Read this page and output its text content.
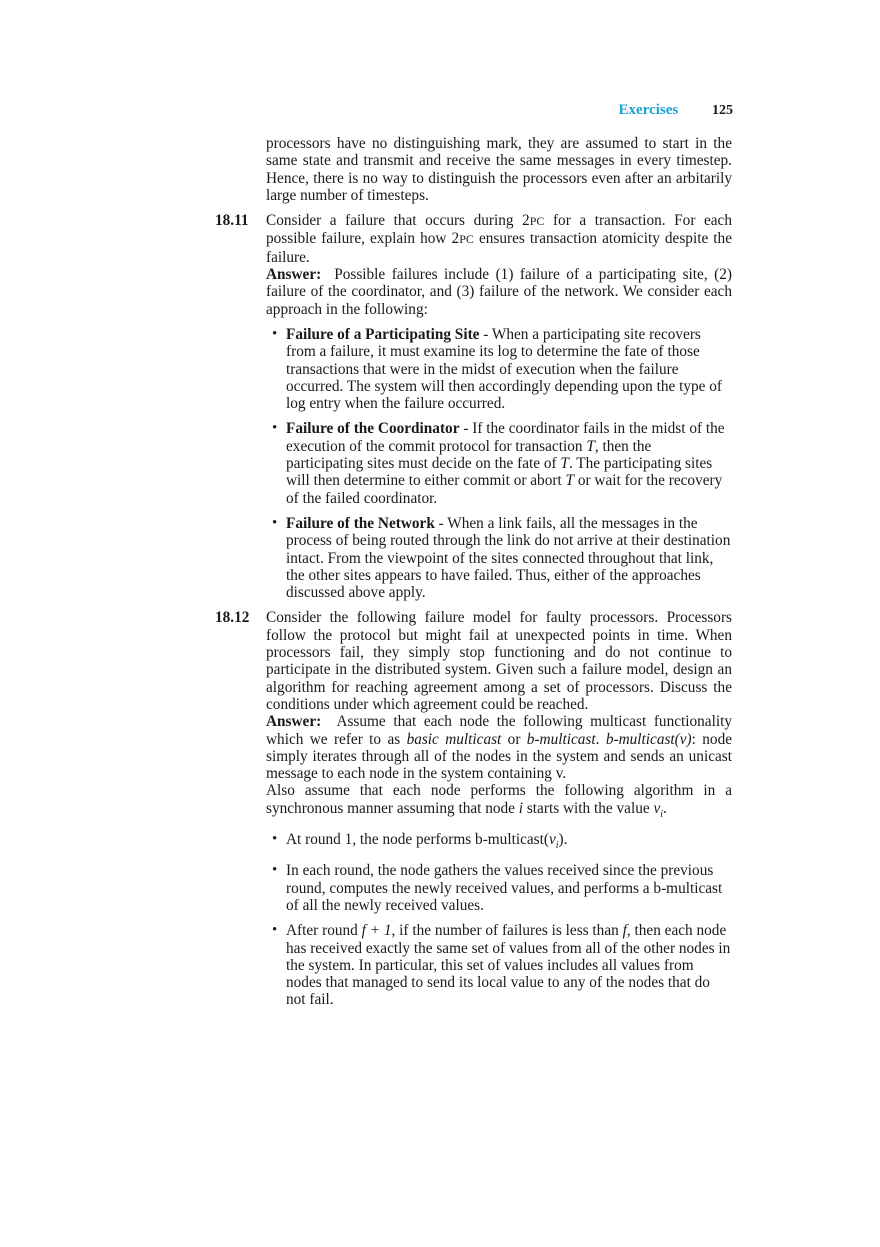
Exercises 125

processors have no distinguishing mark, they are assumed to start in the same state and transmit and receive the same messages in every timestep. Hence, there is no way to distinguish the processors even after an arbitarily large number of timesteps.

18.11 Consider a failure that occurs during 2PC for a transaction. For each possible failure, explain how 2PC ensures transaction atomicity despite the failure.

Answer: Possible failures include (1) failure of a participating site, (2) failure of the coordinator, and (3) failure of the network. We consider each approach in the following:

• Failure of a Participating Site - When a participating site recovers from a failure, it must examine its log to determine the fate of those transactions that were in the midst of execution when the failure occurred. The system will then accordingly depending upon the type of log entry when the failure occurred.
• Failure of the Coordinator - If the coordinator fails in the midst of the execution of the commit protocol for transaction T, then the participating sites must decide on the fate of T. The participating sites will then determine to either commit or abort T or wait for the recovery of the failed coordinator.
• Failure of the Network - When a link fails, all the messages in the process of being routed through the link do not arrive at their destination intact. From the viewpoint of the sites connected throughout that link, the other sites appears to have failed. Thus, either of the approaches discussed above apply.
18.12 Consider the following failure model for faulty processors. Processors follow the protocol but might fail at unexpected points in time. When processors fail, they simply stop functioning and do not continue to participate in the distributed system. Given such a failure model, design an algorithm for reaching agreement among a set of processors. Discuss the conditions under which agreement could be reached.

Answer: Assume that each node the following multicast functionality which we refer to as basic multicast or b-multicast. b-multicast(v): node simply iterates through all of the nodes in the system and sends an unicast message to each node in the system containing v.

Also assume that each node performs the following algorithm in a synchronous manner assuming that node i starts with the value $v_i$.

• At round 1, the node performs $b-multicast(v_i)$.
• In each round, the node gathers the values received since the previous round, computes the newly received values, and performs a b-multicast of all the newly received values.
• After round f + 1, if the number of failures is less than f, then each node has received exactly the same set of values from all of the other nodes in the system. In particular, this set of values includes all values from nodes that managed to send its local value to any of the nodes that do not fail.
